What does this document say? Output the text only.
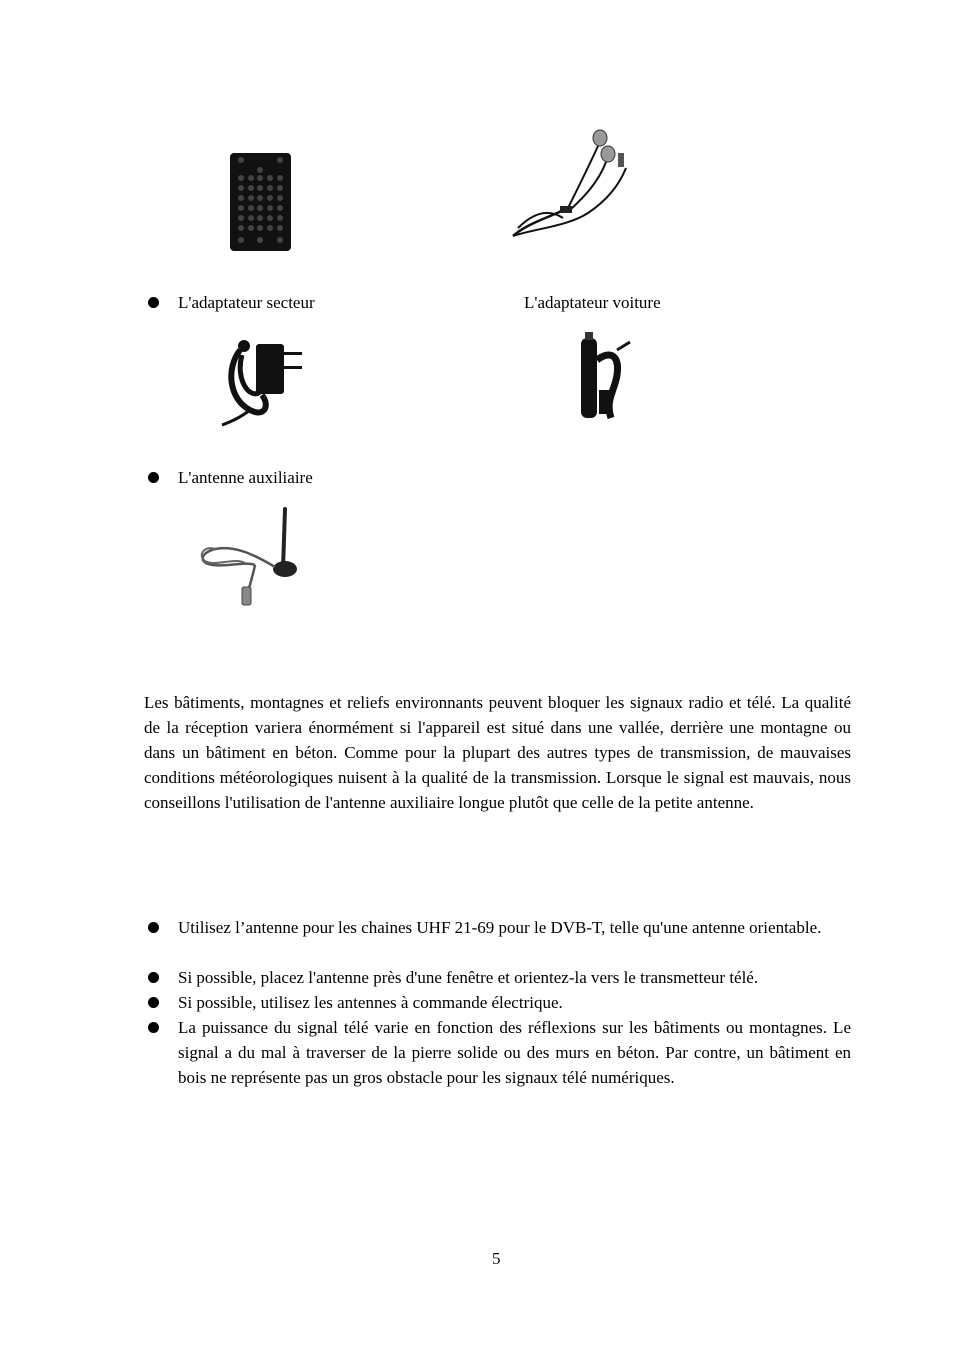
L'adaptateur secteur	L'adaptateur voiture
L'antenne auxiliaire
Les bâtiments, montagnes et reliefs environnants peuvent bloquer les signaux radio et télé. La qualité de la réception variera énormément si l'appareil est situé dans une vallée, derrière une montagne ou dans un bâtiment en béton. Comme pour la plupart des autres types de transmission, de mauvaises conditions météorologiques nuisent à la qualité de la transmission. Lorsque le signal est mauvais, nous conseillons l'utilisation de l'antenne auxiliaire longue plutôt que celle de la petite antenne.
Utilisez l’antenne pour les chaines UHF 21-69 pour le DVB-T, telle qu'une antenne orientable.
Si possible, placez l'antenne près d'une fenêtre et orientez-la vers le transmetteur télé.
Si possible, utilisez les antennes à commande électrique.
La puissance du signal télé varie en fonction des réflexions sur les bâtiments ou montagnes. Le signal a du mal à traverser de la pierre solide ou des murs en béton. Par contre, un bâtiment en bois ne représente pas un gros obstacle pour les signaux télé numériques.
5
